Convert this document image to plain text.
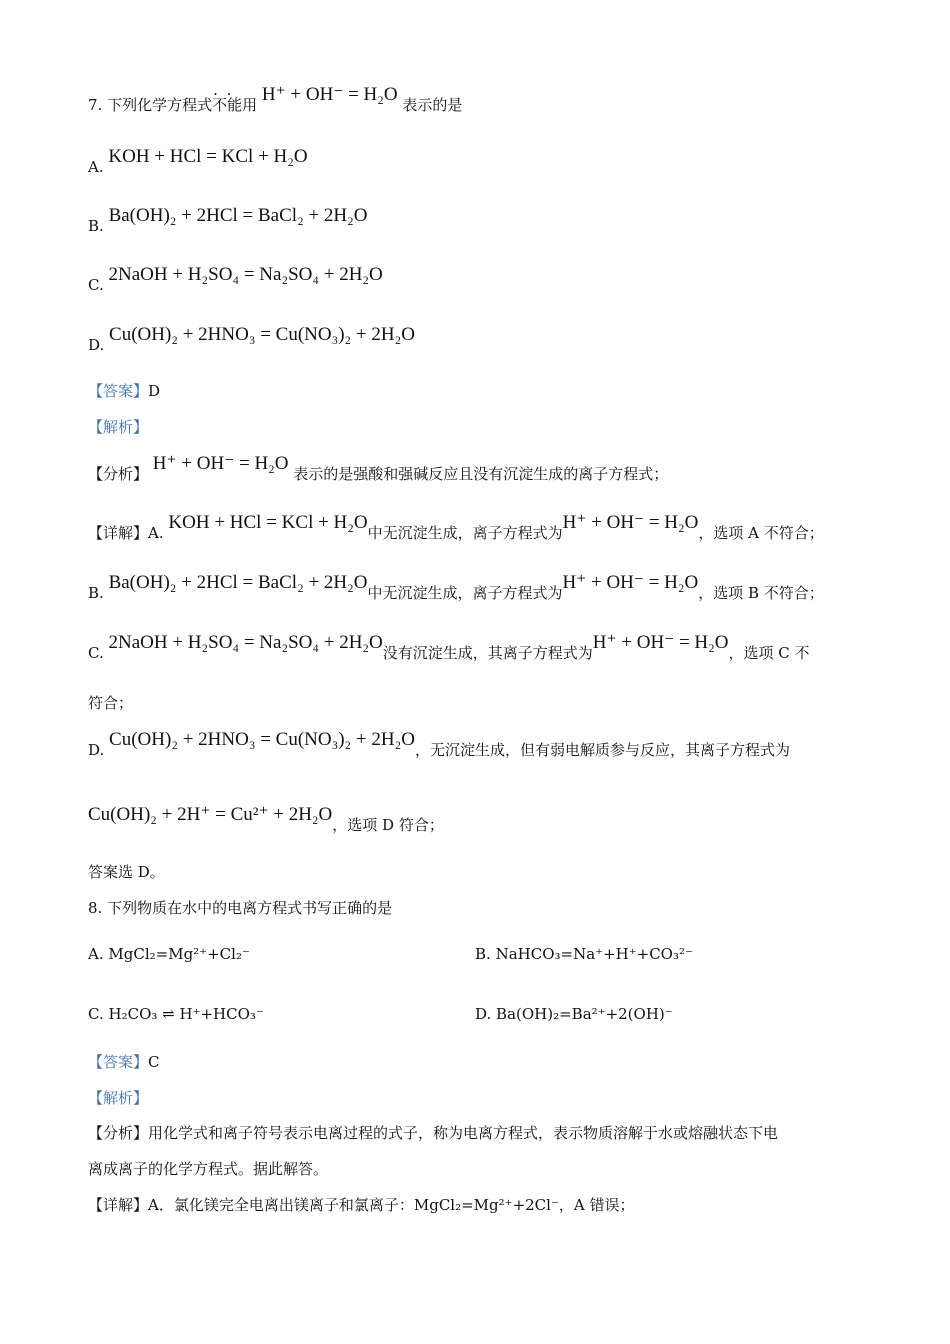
7. 下列化学方程式· · 不能用 H⁺ + OH⁻ = H₂O 表示的是
A. KOH + HCl = KCl + H₂O
B. Ba(OH)₂ + 2HCl = BaCl₂ + 2H₂O
C. 2NaOH + H₂SO₄ = Na₂SO₄ + 2H₂O
D. Cu(OH)₂ + 2HNO₃ = Cu(NO₃)₂ + 2H₂O
【答案】D
【解析】
【分析】 H⁺ + OH⁻ = H₂O 表示的是强酸和强碱反应且没有沉淀生成的离子方程式；
【详解】A. KOH + HCl = KCl + H₂O中无沉淀生成，离子方程式为H⁺ + OH⁻ = H₂O，选项 A 不符合；
B. Ba(OH)₂ + 2HCl = BaCl₂ + 2H₂O中无沉淀生成，离子方程式为H⁺ + OH⁻ = H₂O，选项 B 不符合；
C. 2NaOH + H₂SO₄ = Na₂SO₄ + 2H₂O没有沉淀生成，其离子方程式为H⁺ + OH⁻ = H₂O，选项 C 不
符合；
D. Cu(OH)₂ + 2HNO₃ = Cu(NO₃)₂ + 2H₂O，无沉淀生成，但有弱电解质参与反应，其离子方程式为
Cu(OH)₂ + 2H⁺ = Cu²⁺ + 2H₂O，选项 D 符合；
答案选 D。
8. 下列物质在水中的电离方程式书写正确的是
A. MgCl₂=Mg²⁺+Cl₂⁻	B. NaHCO₃=Na⁺+H⁺+CO₃²⁻
C. H₂CO₃ ⇌ H⁺+HCO₃⁻	D. Ba(OH)₂=Ba²⁺+2(OH)⁻
【答案】C
【解析】
【分析】用化学式和离子符号表示电离过程的式子，称为电离方程式，表示物质溶解于水或熔融状态下电
离成离子的化学方程式。据此解答。
【详解】A．氯化镁完全电离出镁离子和氯离子：MgCl₂=Mg²⁺+2Cl⁻，A 错误；
